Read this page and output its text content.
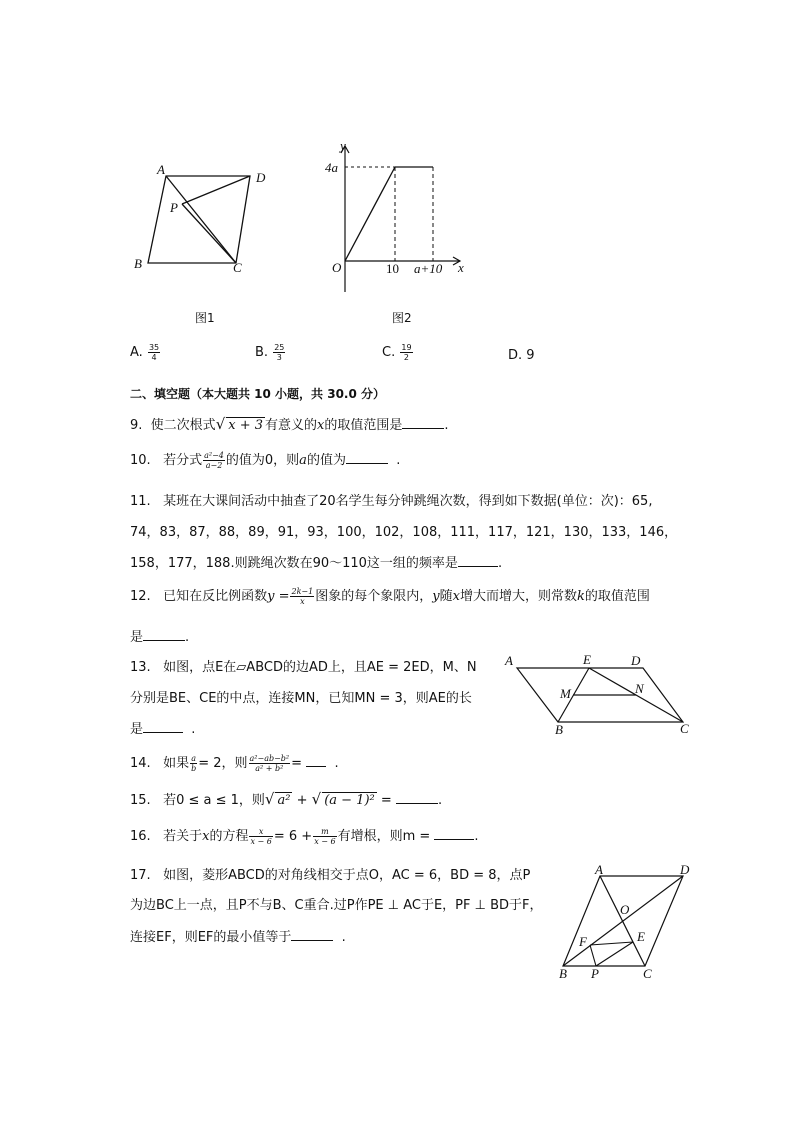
A
D
P
B	C
图1
y
4a
O	10 a+10 x
图2
A. $\frac{35}{4}$	B. $\frac{25}{3}$	C. $\frac{19}{2}$	D. 9
二、填空题（本大题共 10 小题，共 30.0 分）
9. 使二次根式√ x + 3 有意义的x的取值范围是	.
10. 若分式 $\frac{\text{a²−4}}{a-2}$ 的值为0，则a的值为	.
11. 某班在大课间活动中抽查了20名学生每分钟跳绳次数，得到如下数据(单位：次)：65,
74，83，87，88，89，91，93，100，102，108，111，117，121，130，133，146，
158，177，188.则跳绳次数在90～110这一组的频率是	.
12. 已知在反比例函数$y = \frac{2k-1}{x}$ 图象的每个象限内，y随x增大而增大，则常数k的取值范围
是	.
13. 如图，点E在▱ABCD的边AD上，且AE = 2ED，M、N
分别是BE、CE的中点，连接MN，已知MN = 3，则AE的长
是	.
A	E	D
M	N
B	C
14. 如果 $\frac{a}{b} = 2$，则 $\frac{\text{a²−ab−b²}}{\text{a² + b²}}$ = .
15. 若0 ≤ a ≤ 1，则√ a² + √ (a − 1)² =	.
16. 若关于x的方程 $\frac{x}{x - 6} = 6 + \frac{m}{x - 6}$ 有增根，则m =	.
17. 如图，菱形ABCD的对角线相交于点O，AC = 6，BD = 8，点P
为边BC上一点，且P不与B、C重合.过P作PE ⊥ AC于E，PF ⊥ BD于F，
连接EF，则EF的最小值等于	.
A	D
O
F	E
B P	C
